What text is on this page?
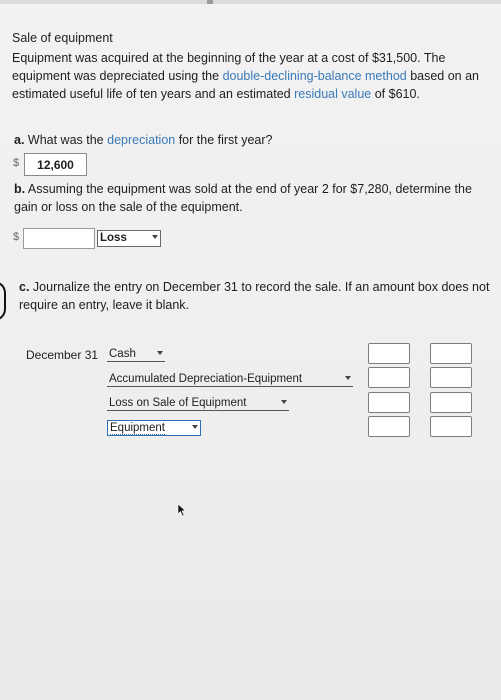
Sale of equipment
Equipment was acquired at the beginning of the year at a cost of $31,500. The equipment was depreciated using the double-declining-balance method based on an estimated useful life of ten years and an estimated residual value of $610.
a. What was the depreciation for the first year?
$	12,600
b. Assuming the equipment was sold at the end of year 2 for $7,280, determine the gain or loss on the sale of the equipment.
$	Loss
c. Journalize the entry on December 31 to record the sale. If an amount box does not require an entry, leave it blank.
December 31 Cash
Accumulated Depreciation-Equipment
Loss on Sale of Equipment
Equipment
